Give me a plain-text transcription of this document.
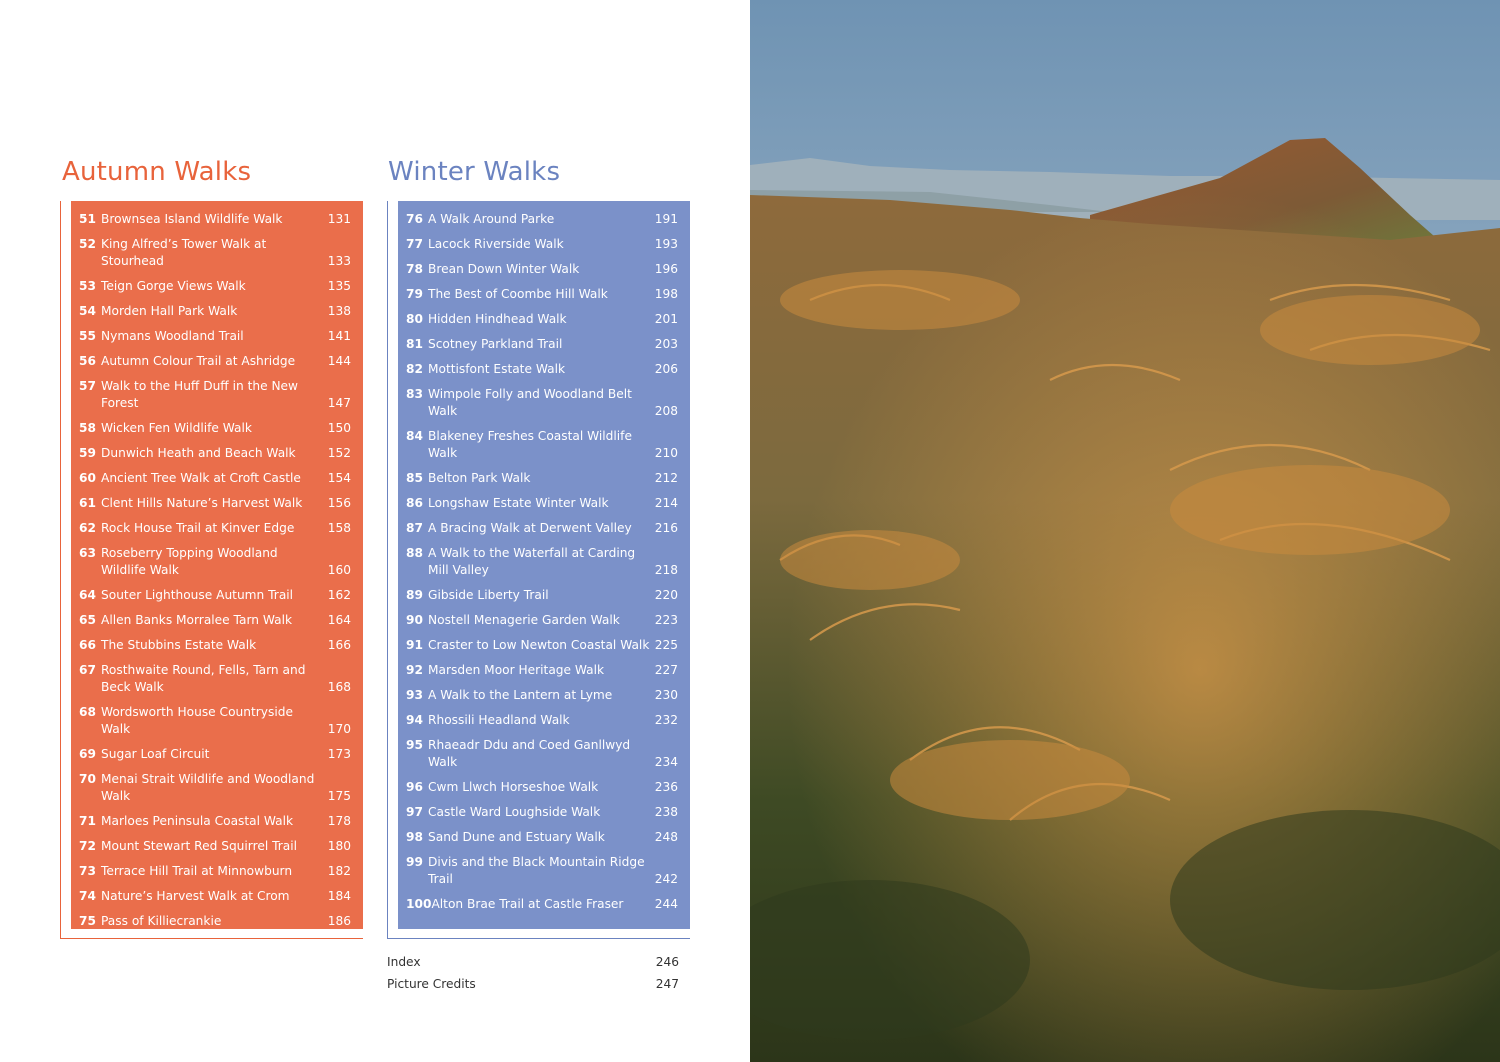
Autumn Walks	Winter Walks
51 Brownsea Island Wildlife Walk	131
52 King Alfred’s Tower Walk at Stourhead	133
53 Teign Gorge Views Walk	135
54 Morden Hall Park Walk	138
55 Nymans Woodland Trail	141
56 Autumn Colour Trail at Ashridge	144
57 Walk to the Huff Duff in the New Forest	147
58 Wicken Fen Wildlife Walk	150
59 Dunwich Heath and Beach Walk	152
60 Ancient Tree Walk at Croft Castle	154
61 Clent Hills Nature’s Harvest Walk	156
62 Rock House Trail at Kinver Edge	158
63 Roseberry Topping Woodland Wildlife Walk	160
64 Souter Lighthouse Autumn Trail	162
65 Allen Banks Morralee Tarn Walk	164
66 The Stubbins Estate Walk	166
67 Rosthwaite Round, Fells, Tarn and Beck Walk	168
68 Wordsworth House Countryside Walk	170
69 Sugar Loaf Circuit	173
70 Menai Strait Wildlife and Woodland Walk	175
71 Marloes Peninsula Coastal Walk	178
72 Mount Stewart Red Squirrel Trail	180
73 Terrace Hill Trail at Minnowburn	182
74 Nature’s Harvest Walk at Crom	184
75 Pass of Killiecrankie	186
76 A Walk Around Parke	191
77 Lacock Riverside Walk	193
78 Brean Down Winter Walk	196
79 The Best of Coombe Hill Walk	198
80 Hidden Hindhead Walk	201
81 Scotney Parkland Trail	203
82 Mottisfont Estate Walk	206
83 Wimpole Folly and Woodland Belt Walk	208
84 Blakeney Freshes Coastal Wildlife Walk	210
85 Belton Park Walk	212
86 Longshaw Estate Winter Walk	214
87 A Bracing Walk at Derwent Valley	216
88 A Walk to the Waterfall at Carding Mill Valley	218
89 Gibside Liberty Trail	220
90 Nostell Menagerie Garden Walk	223
91 Craster to Low Newton Coastal Walk 225
92 Marsden Moor Heritage Walk	227
93 A Walk to the Lantern at Lyme	230
94 Rhossili Headland Walk	232
95 Rhaeadr Ddu and Coed Ganllwyd Walk	234
96 Cwm Llwch Horseshoe Walk	236
97 Castle Ward Loughside Walk	238
98 Sand Dune and Estuary Walk	248
99 Divis and the Black Mountain Ridge Trail	242
100 Alton Brae Trail at Castle Fraser	244
Index	246
Picture Credits	247
